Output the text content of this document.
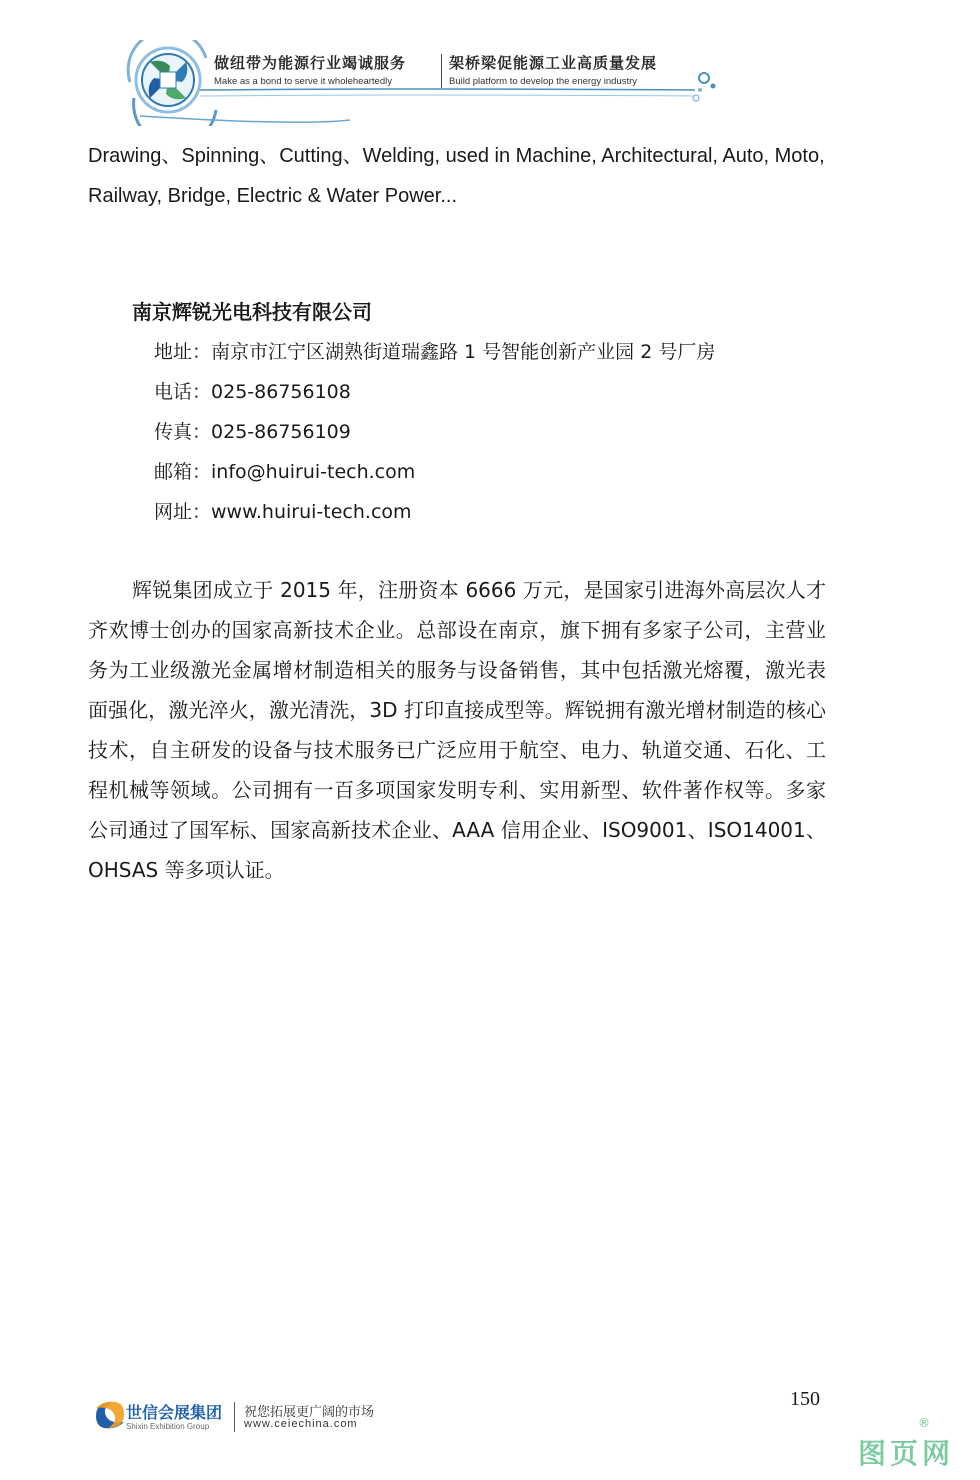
做纽带为能源行业竭诚服务	架桥梁促能源工业高质量发展
Make as a bond to serve it wholeheartedly	Build platform to develop the energy industry
Drawing、Spinning、Cutting、Welding, used in Machine, Architectural, Auto, Moto, Railway, Bridge, Electric & Water Power...
南京辉锐光电科技有限公司
地址：南京市江宁区湖熟街道瑞鑫路 1 号智能创新产业园 2 号厂房
电话：025-86756108
传真：025-86756109
邮箱：info@huirui-tech.com
网址：www.huirui-tech.com
辉锐集团成立于 2015 年，注册资本 6666 万元，是国家引进海外高层次人才齐欢博士创办的国家高新技术企业。总部设在南京，旗下拥有多家子公司，主营业务为工业级激光金属增材制造相关的服务与设备销售，其中包括激光熔覆，激光表面强化，激光淬火，激光清洗，3D 打印直接成型等。辉锐拥有激光增材制造的核心技术，自主研发的设备与技术服务已广泛应用于航空、电力、轨道交通、石化、工程机械等领域。公司拥有一百多项国家发明专利、实用新型、软件著作权等。多家公司通过了国军标、国家高新技术企业、AAA 信用企业、ISO9001、ISO14001、OHSAS 等多项认证。
世信会展集团
Shixin Exhibition Group
祝您拓展更广阔的市场
www.ceiechina.com
150
图页网
®
